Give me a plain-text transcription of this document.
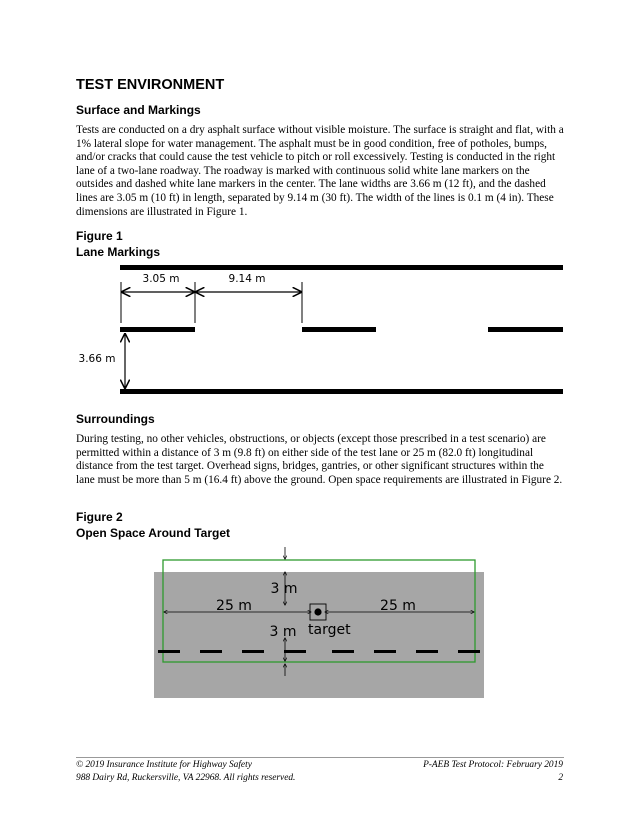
TEST ENVIRONMENT
Surface and Markings

Tests are conducted on a dry asphalt surface without visible moisture. The surface is straight and flat, with a 1% lateral slope for water management. The asphalt must be in good condition, free of potholes, bumps, and/or cracks that could cause the test vehicle to pitch or roll excessively. Testing is conducted in the right lane of a two-lane roadway. The roadway is marked with continuous solid white lane markers on the outsides and dashed white lane markers in the center. The lane widths are 3.66 m (12 ft), and the dashed lines are 3.05 m (10 ft) in length, separated by 9.14 m (30 ft). The width of the lines is 0.1 m (4 in). These dimensions are illustrated in Figure 1.

Figure 1
Lane Markings
3.05 m	9.14 m
3.66 m
Surroundings

During testing, no other vehicles, obstructions, or objects (except those prescribed in a test scenario) are permitted within a distance of 3 m (9.8 ft) on either side of the test lane or 25 m (82.0 ft) longitudinal distance from the test target. Overhead signs, bridges, gantries, or other significant structures within the lane must be more than 5 m (16.4 ft) above the ground. Open space requirements are illustrated in Figure 2.

Figure 2
Open Space Around Target
3 m
25 m	25 m
3 m target
© 2019 Insurance Institute for Highway Safety
988 Dairy Rd, Ruckersville, VA 22968. All rights reserved.
P-AEB Test Protocol: February 2019
2
